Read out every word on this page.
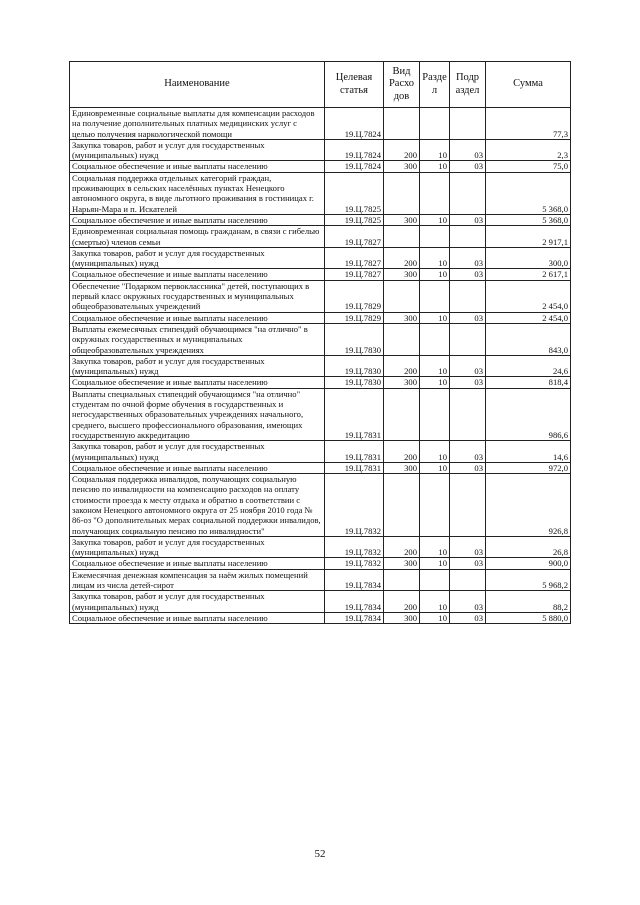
Наименование	Целевая статья	Вид Расхо дов	Разде л	Подр аздел	Сумма
Единовременные социальные выплаты для компенсации расходов на получение дополнительных платных медицинских услуг с целью получения наркологической помощи	19.Ц.7824				77,3
Закупка товаров, работ и услуг для государственных (муниципальных) нужд	19.Ц.7824	200	10	03	2,3
Социальное обеспечение и иные выплаты населению	19.Ц.7824	300	10	03	75,0
Социальная поддержка отдельных категорий граждан, проживающих в сельских населённых пунктах Ненецкого автономного округа, в виде льготного проживания в гостиницах г. Нарьян-Мара и п. Искателей	19.Ц.7825				5 368,0
Социальное обеспечение и иные выплаты населению	19.Ц.7825	300	10	03	5 368,0
Единовременная социальная помощь гражданам, в связи с гибелью (смертью) членов семьи	19.Ц.7827				2 917,1
Закупка товаров, работ и услуг для государственных (муниципальных) нужд	19.Ц.7827	200	10	03	300,0
Социальное обеспечение и иные выплаты населению	19.Ц.7827	300	10	03	2 617,1
Обеспечение "Подарком первоклассника" детей, поступающих в первый класс окружных государственных и муниципальных общеобразовательных учреждений	19.Ц.7829				2 454,0
Социальное обеспечение и иные выплаты населению	19.Ц.7829	300	10	03	2 454,0
Выплаты ежемесячных стипендий обучающимся "на отлично" в окружных государственных и муниципальных общеобразовательных учреждениях	19.Ц.7830				843,0
Закупка товаров, работ и услуг для государственных (муниципальных) нужд	19.Ц.7830	200	10	03	24,6
Социальное обеспечение и иные выплаты населению	19.Ц.7830	300	10	03	818,4
Выплаты специальных стипендий обучающимся "на отлично" студентам по очной форме обучения в государственных и негосударственных образовательных учреждениях начального, среднего, высшего профессионального образования, имеющих государственную аккредитацию	19.Ц.7831				986,6
Закупка товаров, работ и услуг для государственных (муниципальных) нужд	19.Ц.7831	200	10	03	14,6
Социальное обеспечение и иные выплаты населению	19.Ц.7831	300	10	03	972,0
Социальная поддержка инвалидов, получающих социальную пенсию по инвалидности на компенсацию расходов на оплату стоимости проезда к месту отдыха и обратно в соответствии с законом Ненецкого автономного округа от 25 ноября 2010 года № 86-оз "О дополнительных мерах социальной поддержки инвалидов, получающих социальную пенсию по инвалидности"	19.Ц.7832				926,8
Закупка товаров, работ и услуг для государственных (муниципальных) нужд	19.Ц.7832	200	10	03	26,8
Социальное обеспечение и иные выплаты населению	19.Ц.7832	300	10	03	900,0
Ежемесячная денежная компенсация за наём жилых помещений лицам из числа детей-сирот	19.Ц.7834				5 968,2
Закупка товаров, работ и услуг для государственных (муниципальных) нужд	19.Ц.7834	200	10	03	88,2
Социальное обеспечение и иные выплаты населению	19.Ц.7834	300	10	03	5 880,0
52
